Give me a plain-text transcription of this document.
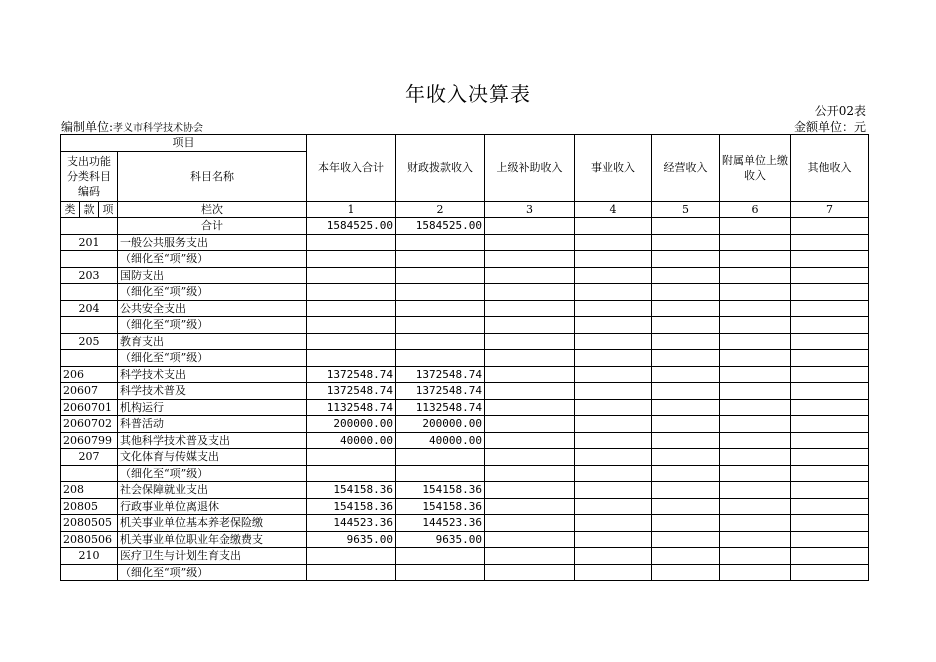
年收入决算表
公开02表
编制单位:孝义市科学技术协会	金额单位：元
项目				本年收入合计	财政拨款收入	上级补助收入	事业收入	经营收入	附属单位上缴收入	其他收入
支出功能分类科目编码			科目名称							
类	款	项	栏次	1	2	3	4	5	6	7
			合计	1584525.00	1584525.00					
201			一般公共服务支出							
			（细化至“项”级）							
203			国防支出							
			（细化至“项”级）							
204			公共安全支出							
			（细化至“项”级）							
205			教育支出							
			（细化至“项”级）							
206			科学技术支出	1372548.74	1372548.74					
20607			科学技术普及	1372548.74	1372548.74					
2060701			机构运行	1132548.74	1132548.74					
2060702			科普活动	200000.00	200000.00					
2060799			其他科学技术普及支出	40000.00	40000.00					
207			文化体育与传媒支出							
			（细化至“项”级）							
208			社会保障就业支出	154158.36	154158.36					
20805			行政事业单位离退休	154158.36	154158.36					
2080505			机关事业单位基本养老保险缴	144523.36	144523.36					
2080506			机关事业单位职业年金缴费支	9635.00	9635.00					
210			医疗卫生与计划生育支出							
			（细化至“项”级）							
